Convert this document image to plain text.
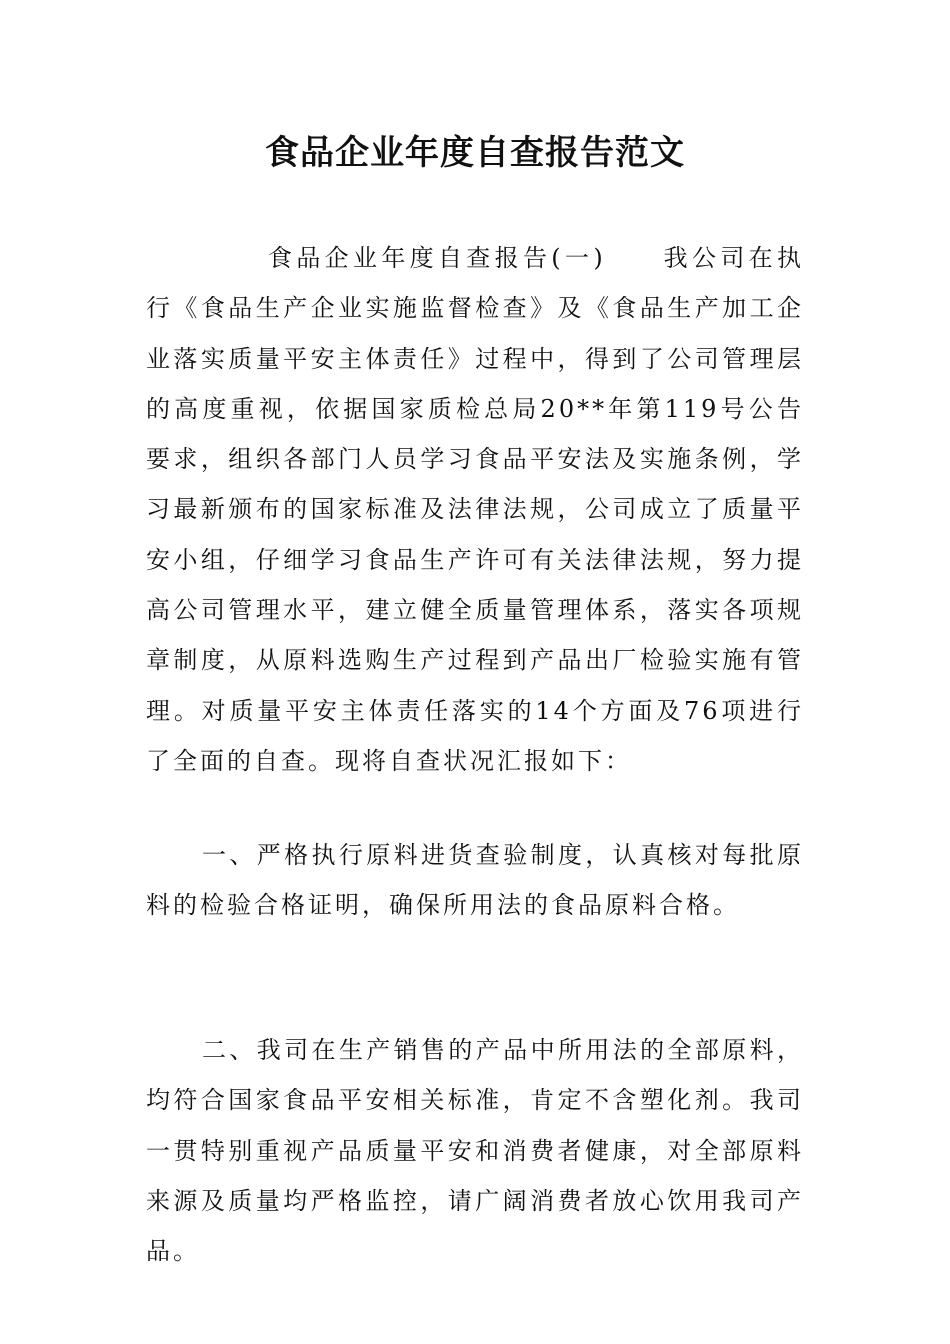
食品企业年度自查报告范文

食品企业年度自查报告(一)　　我公司在执行《食品生产企业实施监督检查》及《食品生产加工企业落实质量平安主体责任》过程中，得到了公司管理层的高度重视，依据国家质检总局20**年第119号公告要求，组织各部门人员学习食品平安法及实施条例，学习最新颁布的国家标准及法律法规，公司成立了质量平安小组，仔细学习食品生产许可有关法律法规，努力提高公司管理水平，建立健全质量管理体系，落实各项规章制度，从原料选购生产过程到产品出厂检验实施有管理。对质量平安主体责任落实的14个方面及76项进行了全面的自查。现将自查状况汇报如下：

一、严格执行原料进货查验制度，认真核对每批原料的检验合格证明，确保所用法的食品原料合格。

二、我司在生产销售的产品中所用法的全部原料，均符合国家食品平安相关标准，肯定不含塑化剂。我司一贯特别重视产品质量平安和消费者健康，对全部原料来源及质量均严格监控，请广阔消费者放心饮用我司产品。
